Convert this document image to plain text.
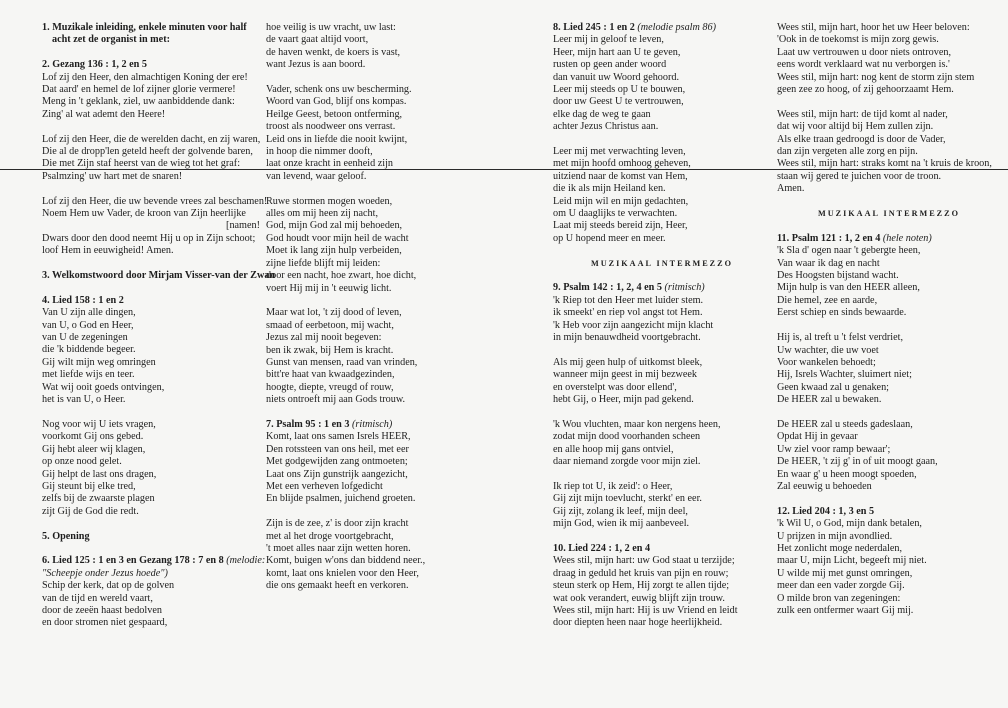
1. Muzikale inleiding, enkele minuten voor half
acht zet de organist in met:
2. Gezang 136 : 1, 2 en 5
Lof zij den Heer, den almachtigen Koning der ere!
Dat aard' en hemel de lof zijner glorie vermere!
Meng in 't geklank, ziel, uw aanbiddende dank:
Zing' al wat ademt den Heere!
Lof zij den Heer, die de werelden dacht, en zij waren,
Die al de dropp'len geteld heeft der golvende baren,
Die met Zijn staf heerst van de wieg tot het graf:
Psalmzing' uw hart met de snaren!
Lof zij den Heer, die uw bevende vrees zal beschamen!
Noem Hem uw Vader, de kroon van Zijn heerlijke
[namen!
Dwars door den dood neemt Hij u op in Zijn schoot;
loof Hem in eeuwigheid! Amen.
3. Welkomstwoord door Mirjam Visser-van der Zwan
4. Lied 158 : 1 en 2
Van U zijn alle dingen,
van U, o God en Heer,
van U de zegeningen
die 'k biddende begeer.
Gij wilt mijn weg omringen
met liefde wijs en teer.
Wat wij ooit goeds ontvingen,
het is van U, o Heer.
Nog voor wij U iets vragen,
voorkomt Gij ons gebed.
Gij hebt aleer wij klagen,
op onze nood gelet.
Gij helpt de last ons dragen,
Gij steunt bij elke tred,
zelfs bij de zwaarste plagen
zijt Gij de God die redt.
5. Opening
6. Lied 125 : 1 en 3 en Gezang 178 : 7 en 8 (melodie:
"Scheepje onder Jezus hoede")
Schip der kerk, dat op de golven
van de tijd en wereld vaart,
door de zeeën haast bedolven
en door stromen niet gespaard,
hoe veilig is uw vracht, uw last:
de vaart gaat altijd voort,
de haven wenkt, de koers is vast,
want Jezus is aan boord.
Vader, schenk ons uw bescherming.
Woord van God, blijf ons kompas.
Heilge Geest, betoon ontferming,
troost als noodweer ons verrast.
Leid ons in liefde die nooit kwijnt,
in hoop die nimmer dooft,
laat onze kracht in eenheid zijn
van levend, waar geloof.
Ruwe stormen mogen woeden,
alles om mij heen zij nacht,
God, mijn God zal mij behoeden,
God houdt voor mijn heil de wacht
Moet ik lang zijn hulp verbeiden,
zijne liefde blijft mij leiden:
door een nacht, hoe zwart, hoe dicht,
voert Hij mij in 't eeuwig licht.
Maar wat lot, 't zij dood of leven,
smaad of eerbetoon, mij wacht,
Jezus zal mij nooit begeven:
ben ik zwak, bij Hem is kracht.
Gunst van mensen, raad van vrinden,
bitt're haat van kwaadgezinden,
hoogte, diepte, vreugd of rouw,
niets ontroeft mij aan Gods trouw.
7. Psalm 95 : 1 en 3 (ritmisch)
Komt, laat ons samen Isrels HEER,
Den rotssteen van ons heil, met eer
Met godgewijden zang ontmoeten;
Laat ons Zijn gunstrijk aangezicht,
Met een verheven lofgedicht
En blijde psalmen, juichend groeten.
Zijn is de zee, z' is door zijn kracht
met al het droge voortgebracht,
't moet alles naar zijn wetten horen.
Komt, buigen w'ons dan biddend neer.,
komt, laat ons knielen voor den Heer,
die ons gemaakt heeft en verkoren.
8. Lied 245 : 1 en 2 (melodie psalm 86)
Leer mij in geloof te leven,
Heer, mijn hart aan U te geven,
rusten op geen ander woord
dan vanuit uw Woord gehoord.
Leer mij steeds op U te bouwen,
door uw Geest U te vertrouwen,
elke dag de weg te gaan
achter Jezus Christus aan.
Leer mij met verwachting leven,
met mijn hoofd omhoog geheven,
uitziend naar de komst van Hem,
die ik als mijn Heiland ken.
Leid mijn wil en mijn gedachten,
om U daaglijks te verwachten.
Laat mij steeds bereid zijn, Heer,
op U hopend meer en meer.
MUZIKAAL INTERMEZZO
9. Psalm 142 : 1, 2, 4 en 5 (ritmisch)
'k Riep tot den Heer met luider stem.
ik smeekt' en riep vol angst tot Hem.
'k Heb voor zijn aangezicht mijn klacht
in mijn benauwdheid voortgebracht.
Als mij geen hulp of uitkomst bleek,
wanneer mijn geest in mij bezweek
en overstelpt was door ellend',
hebt Gij, o Heer, mijn pad gekend.
'k Wou vluchten, maar kon nergens heen,
zodat mijn dood voorhanden scheen
en alle hoop mij gans ontviel,
daar niemand zorgde voor mijn ziel.
Ik riep tot U, ik zeid': o Heer,
Gij zijt mijn toevlucht, sterkt' en eer.
Gij zijt, zolang ik leef, mijn deel,
mijn God, wien ik mij aanbeveel.
10. Lied 224 : 1, 2 en 4
Wees stil, mijn hart: uw God staat u terzijde;
draag in geduld het kruis van pijn en rouw;
steun sterk op Hem, Hij zorgt te allen tijde;
wat ook verandert, euwig blijft zijn trouw.
Wees stil, mijn hart: Hij is uw Vriend en leidt
door diepten heen naar hoge heerlijkheid.
Wees stil, mijn hart, hoor het uw Heer beloven:
'Ook in de toekomst is mijn zorg gewis.
Laat uw vertrouwen u door niets ontroven,
eens wordt verklaard wat nu verborgen is.'
Wees stil, mijn hart: nog kent de storm zijn stem
geen zee zo hoog, of zij gehoorzaamt Hem.
Wees stil, mijn hart: de tijd komt al nader,
dat wij voor altijd bij Hem zullen zijn.
Als elke traan gedroogd is door de Vader,
dan zijn vergeten alle zorg en pijn.
Wees stil, mijn hart: straks komt na 't kruis de kroon,
staan wij gered te juichen voor de troon.
Amen.
MUZIKAAL INTERMEZZO
11. Psalm 121 : 1, 2 en 4 (hele noten)
'k Sla d' ogen naar 't gebergte heen,
Van waar ik dag en nacht
Des Hoogsten bijstand wacht.
Mijn hulp is van den HEER alleen,
Die hemel, zee en aarde,
Eerst schiep en sinds bewaarde.
Hij is, al treft u 't felst verdriet,
Uw wachter, die uw voet
Voor wankelen behoedt;
Hij, Isrels Wachter, sluimert niet;
Geen kwaad zal u genaken;
De HEER zal u bewaken.
De HEER zal u steeds gadeslaan,
Opdat Hij in gevaar
Uw ziel voor ramp bewaar';
De HEER, 't zij g' in of uit moogt gaan,
En waar g' u heen moogt spoeden,
Zal eeuwig u behoeden
12. Lied 204 : 1, 3 en 5
'k Wil U, o God, mijn dank betalen,
U prijzen in mijn avondlied.
Het zonlicht moge nederdalen,
maar U, mijn Licht, begeeft mij niet.
U wilde mij met gunst omringen,
meer dan een vader zorgde Gij.
O milde bron van zegeningen:
zulk een ontfermer waart Gij mij.
